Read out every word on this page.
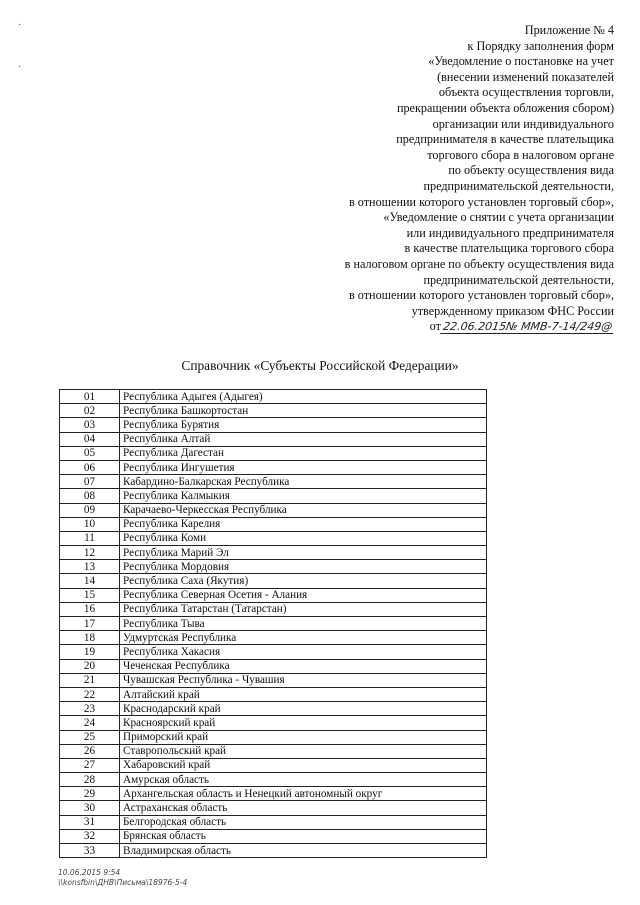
Приложение № 4
к Порядку заполнения форм
«Уведомление о постановке на учет
(внесении изменений показателей
объекта осуществления торговли,
прекращении объекта обложения сбором)
организации или индивидуального
предпринимателя в качестве плательщика
торгового сбора в налоговом органе
по объекту осуществления вида
предпринимательской деятельности,
в отношении которого установлен торговый сбор»,
«Уведомление о снятии с учета организации
или индивидуального предпринимателя
в качестве плательщика торгового сбора
в налоговом органе по объекту осуществления вида
предпринимательской деятельности,
в отношении которого установлен торговый сбор»,
утвержденному приказом ФНС России
от22.06.2015№ ММВ-7-14/249@
Справочник «Субъекты Российской Федерации»
01	Республика Адыгея (Адыгея)
02	Республика Башкортостан
03	Республика Бурятия
04	Республика Алтай
05	Республика Дагестан
06	Республика Ингушетия
07	Кабардино-Балкарская Республика
08	Республика Калмыкия
09	Карачаево-Черкесская Республика
10	Республика Карелия
11	Республика Коми
12	Республика Марий Эл
13	Республика Мордовия
14	Республика Саха (Якутия)
15	Республика Северная Осетия - Алания
16	Республика Татарстан (Татарстан)
17	Республика Тыва
18	Удмуртская Республика
19	Республика Хакасия
20	Чеченская Республика
21	Чувашская Республика - Чувашия
22	Алтайский край
23	Краснодарский край
24	Красноярский край
25	Приморский край
26	Ставропольский край
27	Хабаровский край
28	Амурская область
29	Архангельская область и Ненецкий автономный округ
30	Астраханская область
31	Белгородская область
32	Брянская область
33	Владимирская область
·
·
10.06.2015 9:54
\\konsfbin\ДНВ\Письма\18976-5-4
